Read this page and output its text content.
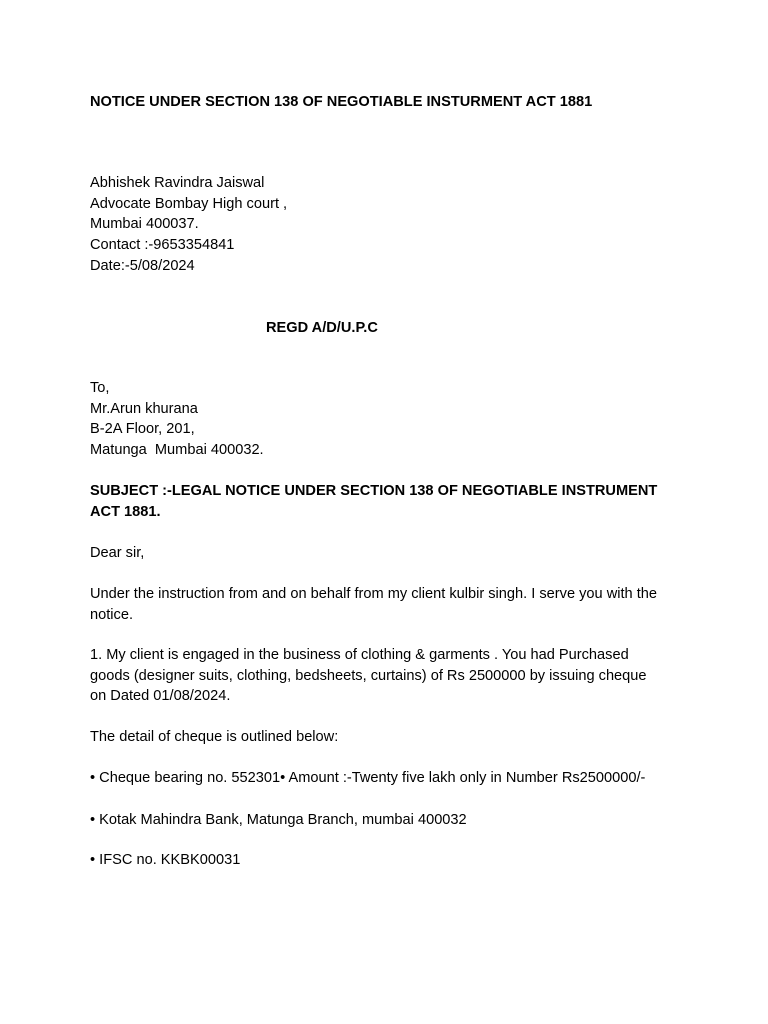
NOTICE UNDER SECTION 138 OF NEGOTIABLE INSTURMENT ACT 1881

Abhishek Ravindra Jaiswal
Advocate Bombay High court ,
Mumbai 400037.
Contact :-9653354841
Date:-5/08/2024

REGD A/D/U.P.C

To,
Mr.Arun khurana
B-2A Floor, 201,
Matunga  Mumbai 400032.
SUBJECT :-LEGAL NOTICE UNDER SECTION 138 OF NEGOTIABLE INSTRUMENT
ACT 1881.

Dear sir,

Under the instruction from and on behalf from my client kulbir singh. I serve you with the
notice.
1. My client is engaged in the business of clothing & garments . You had Purchased
goods (designer suits, clothing, bedsheets, curtains) of Rs 2500000 by issuing cheque
on Dated 01/08/2024.

The detail of cheque is outlined below:

• Cheque bearing no. 552301• Amount :-Twenty five lakh only in Number Rs2500000/-

• Kotak Mahindra Bank, Matunga Branch, mumbai 400032

• IFSC no. KKBK00031
